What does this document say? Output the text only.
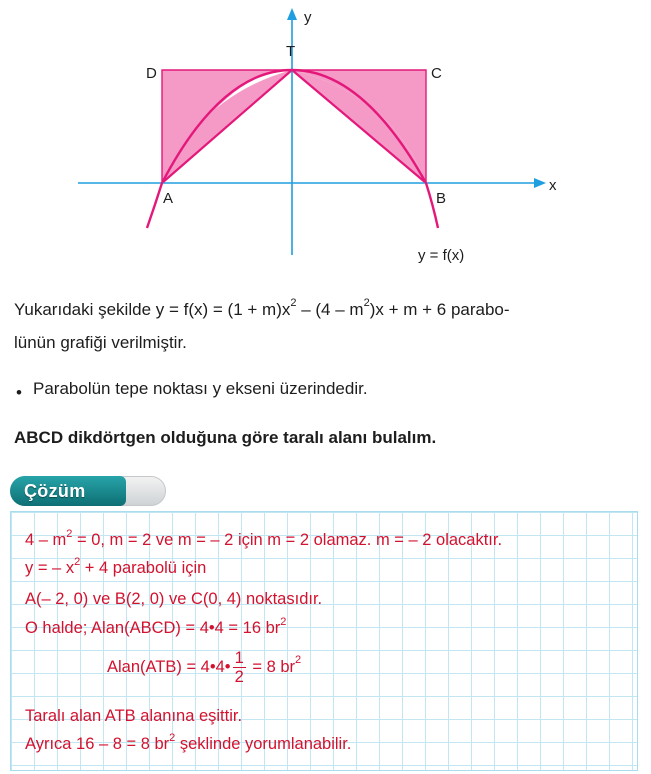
y
x
T
D	C
A	B
y = f(x)
Yukarıdaki şekilde $y = f(x) = (1 + m)x^2 - (4 - m^2)x + m + 6$ parabo-
lünün grafiği verilmiştir.
• Parabolün tepe noktası y ekseni üzerindedir.
ABCD dikdörtgen olduğuna göre taralı alanı bulalım.
Çözüm
$4 - m^2 = 0$, m = 2 ve m = – 2 için m = 2 olamaz. m = – 2 olacaktır.
y = – $x^2 + 4$ parabolü için
A(– 2, 0) ve B(2, 0) ve C(0, 4) noktasıdır.
O halde; Alan(ABCD) = 4•4 = 16 $br^2$
Alan(ATB) = 4•4• $\frac{1}{2} = 8$ $br^2$
Taralı alan ATB alanına eşittir.
Ayrıca 16 – 8 = 8 $br^2$ şeklinde yorumlanabilir.
